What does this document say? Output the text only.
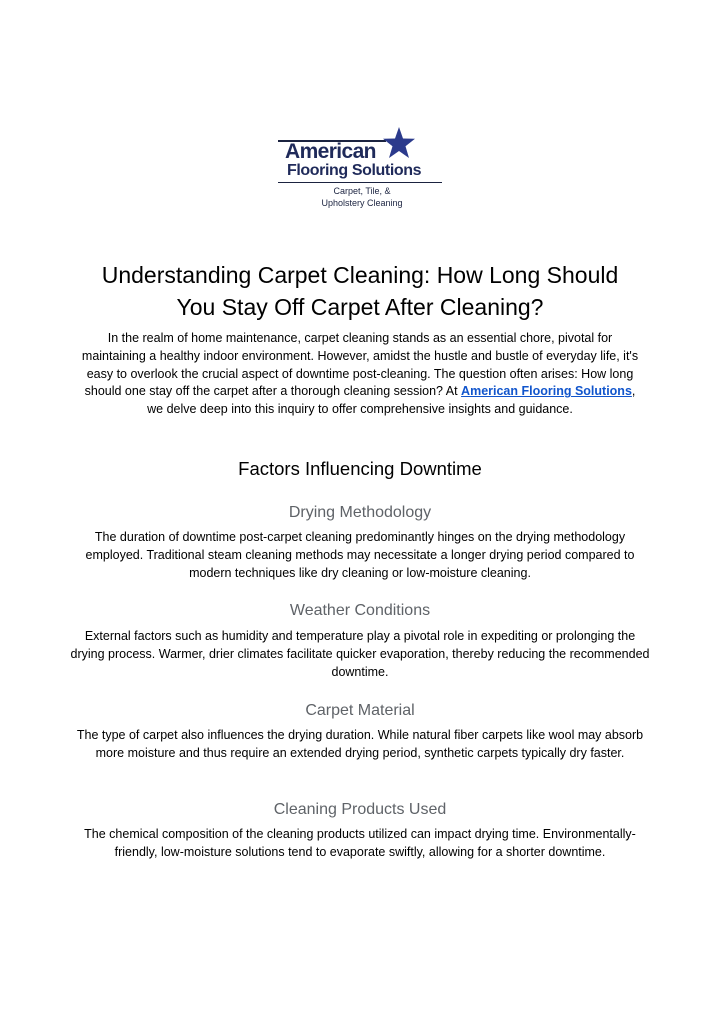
American
Flooring Solutions
Carpet, Tile, &
Upholstery Cleaning
Understanding Carpet Cleaning: How Long Should
You Stay Off Carpet After Cleaning?

In the realm of home maintenance, carpet cleaning stands as an essential chore, pivotal for maintaining a healthy indoor environment. However, amidst the hustle and bustle of everyday life, it's easy to overlook the crucial aspect of downtime post-cleaning. The question often arises: How long should one stay off the carpet after a thorough cleaning session? At American Flooring Solutions, we delve deep into this inquiry to offer comprehensive insights and guidance.

Factors Influencing Downtime
Drying Methodology

The duration of downtime post-carpet cleaning predominantly hinges on the drying methodology employed. Traditional steam cleaning methods may necessitate a longer drying period compared to modern techniques like dry cleaning or low-moisture cleaning.

Weather Conditions

External factors such as humidity and temperature play a pivotal role in expediting or prolonging the drying process. Warmer, drier climates facilitate quicker evaporation, thereby reducing the recommended downtime.

Carpet Material

The type of carpet also influences the drying duration. While natural fiber carpets like wool may absorb more moisture and thus require an extended drying period, synthetic carpets typically dry faster.

Cleaning Products Used

The chemical composition of the cleaning products utilized can impact drying time. Environmentally-friendly, low-moisture solutions tend to evaporate swiftly, allowing for a shorter downtime.
